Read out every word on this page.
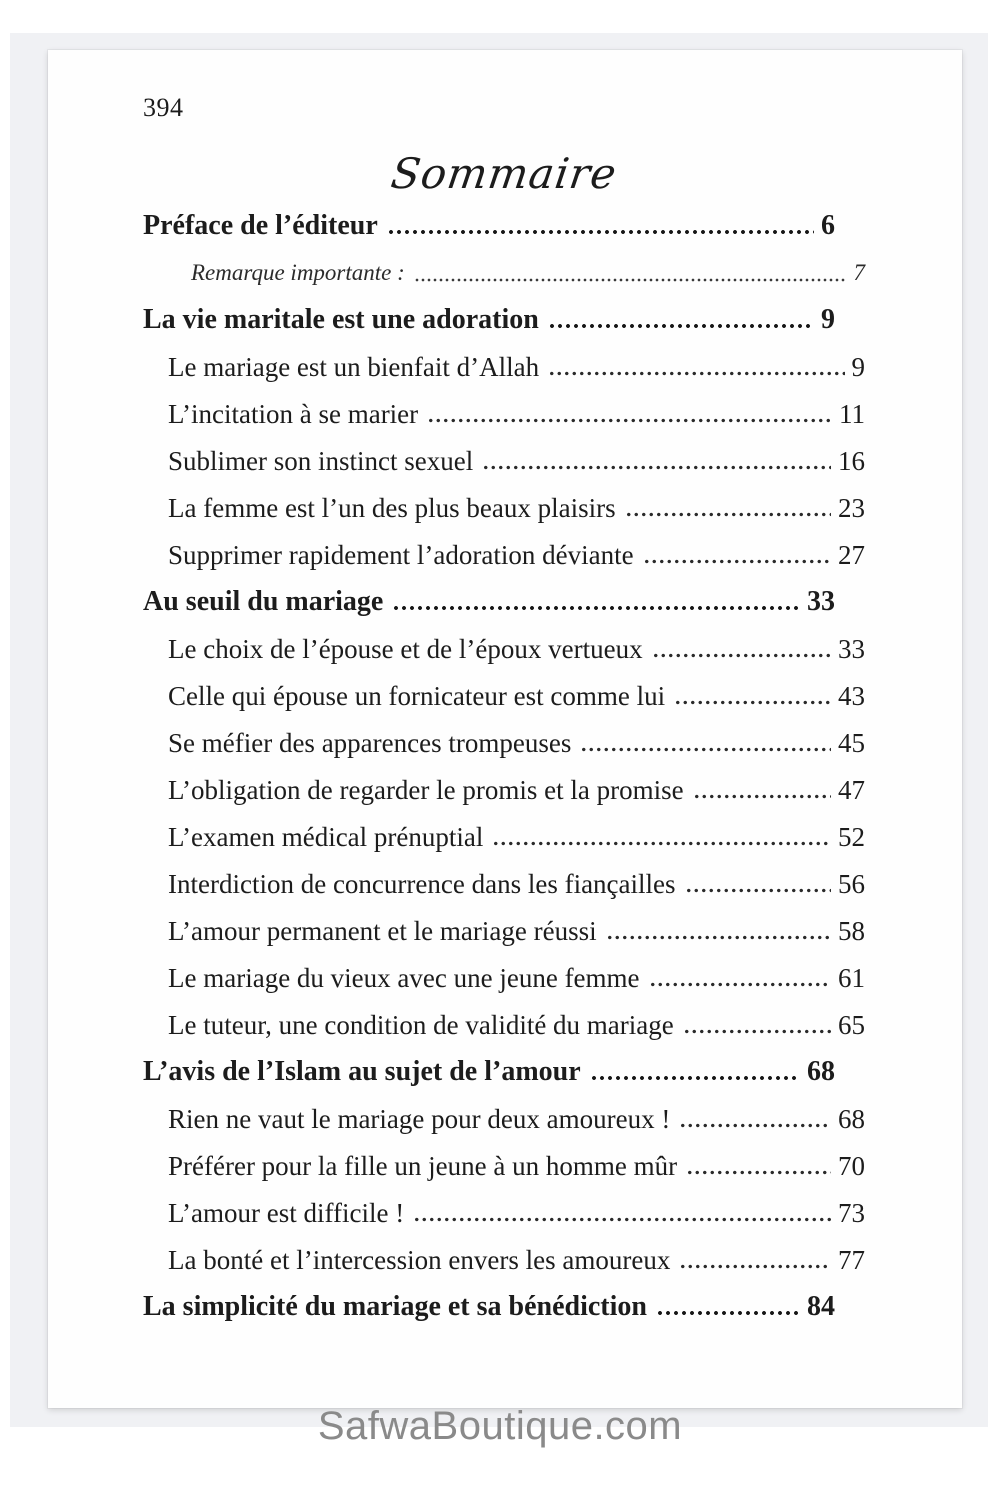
394
Sommaire
Préface de l’éditeur	6
Remarque importante :	7
La vie maritale est une adoration	9
Le mariage est un bienfait d’Allah	9
L’incitation à se marier	11
Sublimer son instinct sexuel	16
La femme est l’un des plus beaux plaisirs	23
Supprimer rapidement l’adoration déviante	27
Au seuil du mariage	33
Le choix de l’épouse et de l’époux vertueux	33
Celle qui épouse un fornicateur est comme lui	43
Se méfier des apparences trompeuses	45
L’obligation de regarder le promis et la promise	47
L’examen médical prénuptial	52
Interdiction de concurrence dans les fiançailles	56
L’amour permanent et le mariage réussi	58
Le mariage du vieux avec une jeune femme	61
Le tuteur, une condition de validité du mariage	65
L’avis de l’Islam au sujet de l’amour	68
Rien ne vaut le mariage pour deux amoureux !	68
Préférer pour la fille un jeune à un homme mûr	70
L’amour est difficile !	73
La bonté et l’intercession envers les amoureux	77
La simplicité du mariage et sa bénédiction	84
SafwaBoutique.com
